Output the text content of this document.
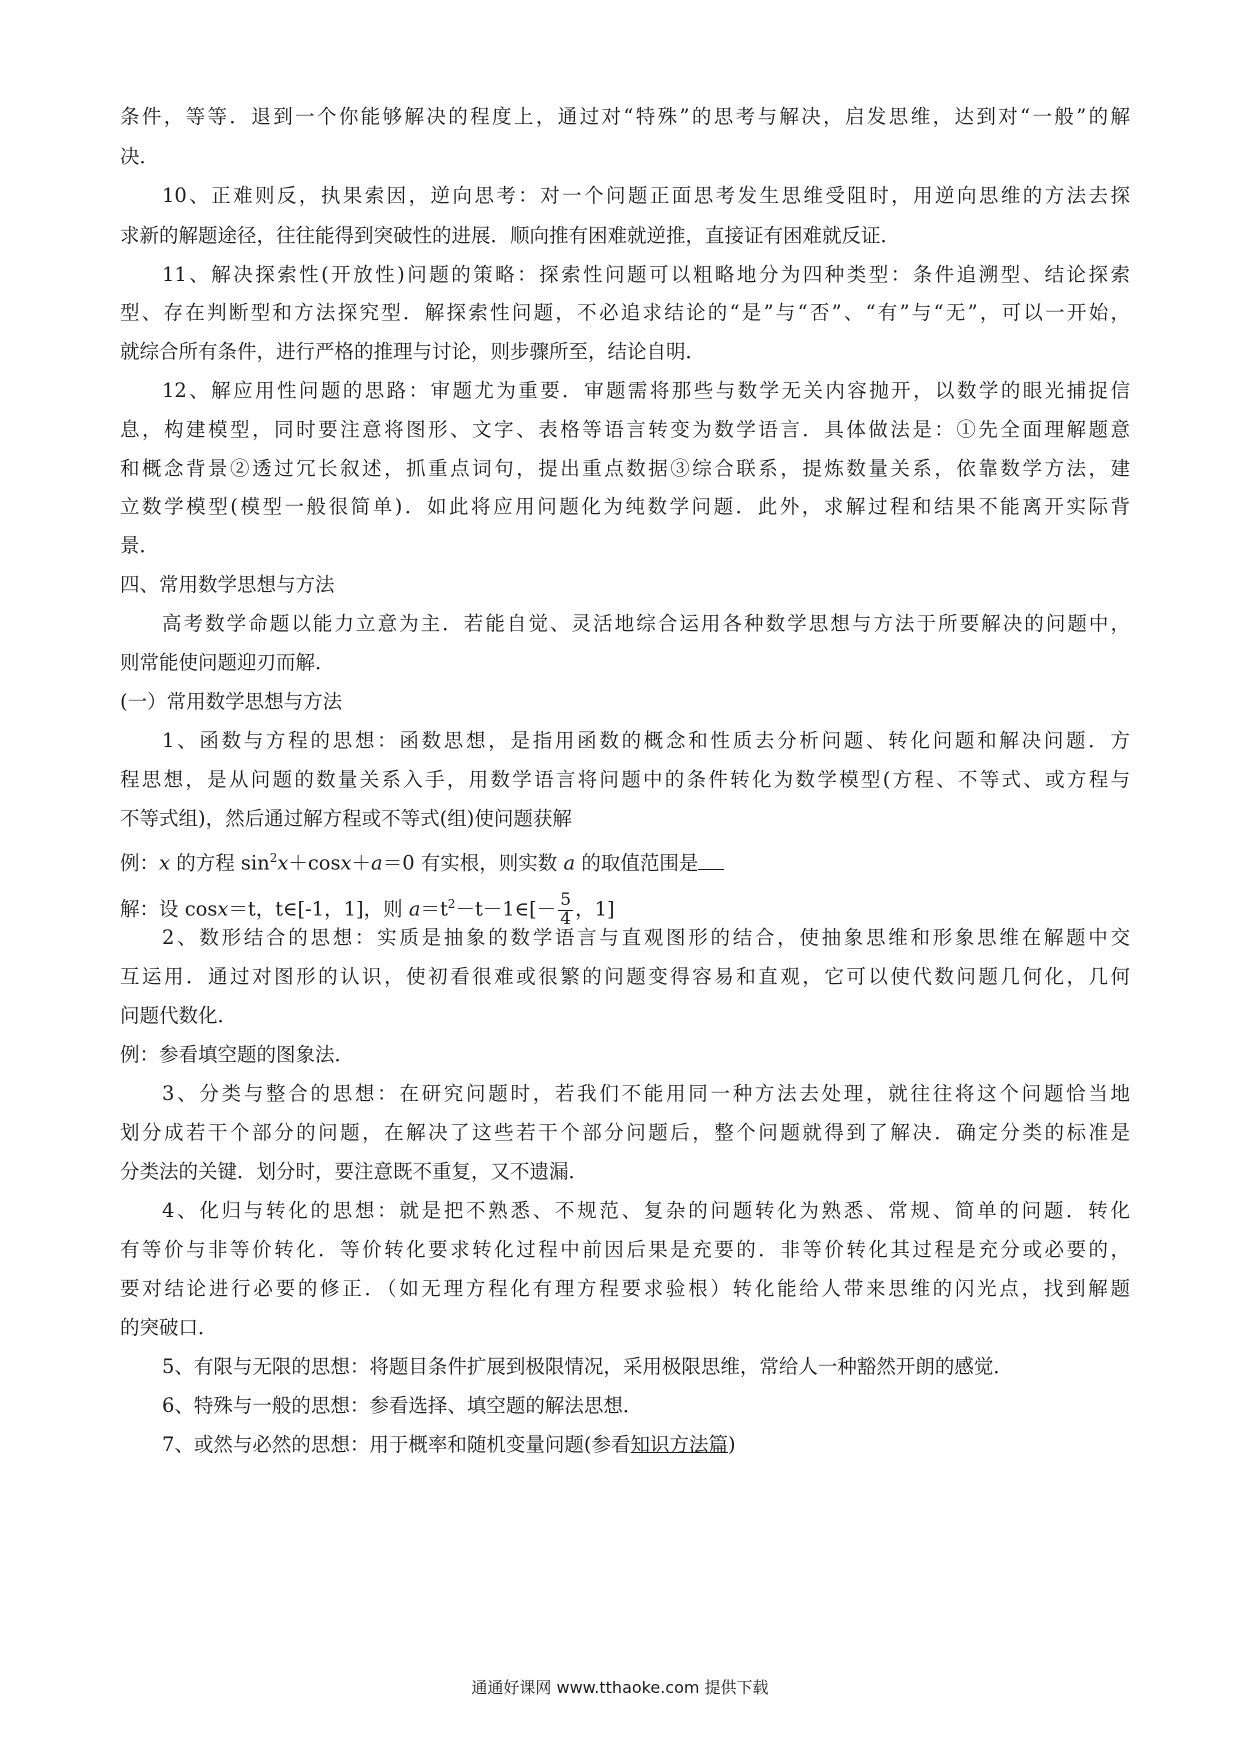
条件，等等．退到一个你能够解决的程度上，通过对“特殊”的思考与解决，启发思维，达到对“一般”的解
决．
10、正难则反，执果索因，逆向思考：对一个问题正面思考发生思维受阻时，用逆向思维的方法去探
求新的解题途径，往往能得到突破性的进展．顺向推有困难就逆推，直接证有困难就反证．
11、解决探索性(开放性)问题的策略：探索性问题可以粗略地分为四种类型：条件追溯型、结论探索
型、存在判断型和方法探究型．解探索性问题，不必追求结论的“是”与“否”、“有”与“无”，可以一开始，
就综合所有条件，进行严格的推理与讨论，则步骤所至，结论自明．
12、解应用性问题的思路：审题尤为重要．审题需将那些与数学无关内容抛开，以数学的眼光捕捉信
息，构建模型，同时要注意将图形、文字、表格等语言转变为数学语言．具体做法是：①先全面理解题意
和概念背景②透过冗长叙述，抓重点词句，提出重点数据③综合联系，提炼数量关系，依靠数学方法，建
立数学模型(模型一般很简单)．如此将应用问题化为纯数学问题．此外，求解过程和结果不能离开实际背
景．
四、常用数学思想与方法
高考数学命题以能力立意为主．若能自觉、灵活地综合运用各种数学思想与方法于所要解决的问题中，
则常能使问题迎刃而解．
(一）常用数学思想与方法
1、函数与方程的思想：函数思想，是指用函数的概念和性质去分析问题、转化问题和解决问题．方
程思想，是从问题的数量关系入手，用数学语言将问题中的条件转化为数学模型(方程、不等式、或方程与
不等式组)，然后通过解方程或不等式(组)使问题获解
例：x 的方程 $\sin^2x+\cos x+a=0$ 有实根，则实数 a 的取值范围是
解：设 cosx＝t，t∈[-1，1]，则 $a=t^2-t-1\in[- \frac{5}{4}$ ，1]
2、数形结合的思想：实质是抽象的数学语言与直观图形的结合，使抽象思维和形象思维在解题中交
互运用．通过对图形的认识，使初看很难或很繁的问题变得容易和直观，它可以使代数问题几何化，几何
问题代数化．
例：参看填空题的图象法．
3、分类与整合的思想：在研究问题时，若我们不能用同一种方法去处理，就往往将这个问题恰当地
划分成若干个部分的问题，在解决了这些若干个部分问题后，整个问题就得到了解决．确定分类的标准是
分类法的关键．划分时，要注意既不重复，又不遗漏．
4、化归与转化的思想：就是把不熟悉、不规范、复杂的问题转化为熟悉、常规、简单的问题．转化
有等价与非等价转化．等价转化要求转化过程中前因后果是充要的．非等价转化其过程是充分或必要的，
要对结论进行必要的修正．（如无理方程化有理方程要求验根）转化能给人带来思维的闪光点，找到解题
的突破口．
5、有限与无限的思想：将题目条件扩展到极限情况，采用极限思维，常给人一种豁然开朗的感觉．
6、特殊与一般的思想：参看选择、填空题的解法思想．
7、或然与必然的思想：用于概率和随机变量问题(参看知识方法篇)
通通好课网 www.tthaoke.com 提供下载
